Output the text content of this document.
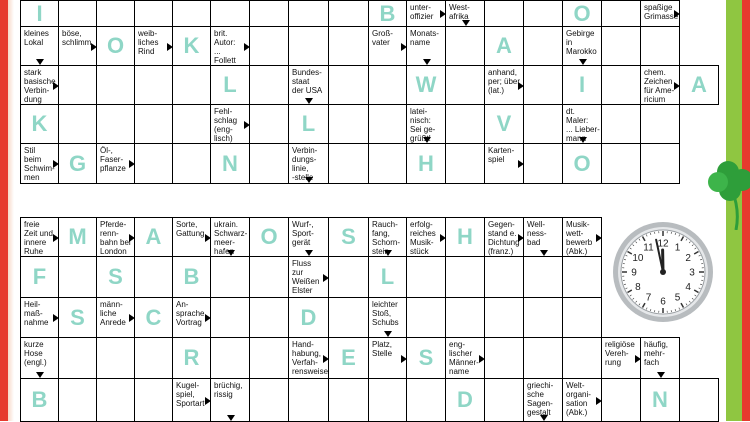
I	B unter-
offizier
West-
afrika	O	spaßige
Grimasse
kleines
Lokal
böse,
schlimm O weib-
liches
Rind	K brit.
Autor:
...
Follett
Groß-
vater
Monats-
name	A	Gebirge
in
Marokko
stark
basische
Verbin-
dung
L	Bundes-
staat
der USA	W	anhand,
per; über
(lat.)	I	chem.
Zeichen
für Ame-
ricium
A
K	Fehl-
schlag
(eng-
lisch)
L	latei-
nisch:
Sei ge-
grüßt!
V	dt.
Maler:
... Lieber-
mann
Stil
beim
Schwim-
men
G Öl-,
Faser-
pflanze	N	Verbin-
dungs-
linie,
-stelle
H	Karten-
spiel	O
freie
Zeit und
innere
Ruhe
M Pferde-
renn-
bahn bei
London
A Sorte,
Gattung
ukrain.
Schwarz-
meer-
hafen
O Wurf-,
Sport-
gerät	S Rauch-
fang,
Schorn-
stein
erfolg-
reiches
Musik-
stück
H Gegen-
stand e.
Dichtung
(franz.)
Well-
ness-
bad
Musik-
wett-
bewerb
(Abk.)
F	S	B
Fluss
zur
Weißen
Elster
L
Heil-
maß-
nahme S männ-
liche
Anrede C An-
sprache,
Vortrag	D	leichter
Stoß,
Schubs
kurze
Hose
(engl.)	R
Hand-
habung,
Verfah-
rensweise
E
Platz,
Stelle	S
eng-
lischer
Männer-
name
religiöse
Vereh-
rung
häufig,
mehr-
fach
B
Kugel-
spiel,
Sportart
brüchig,
rissig	D
griechi-
sche
Sagen-
gestalt
Welt-
organi-
sation
(Abk.)
N
12 1
2
3
4
5
6
7
8
9
10
11
